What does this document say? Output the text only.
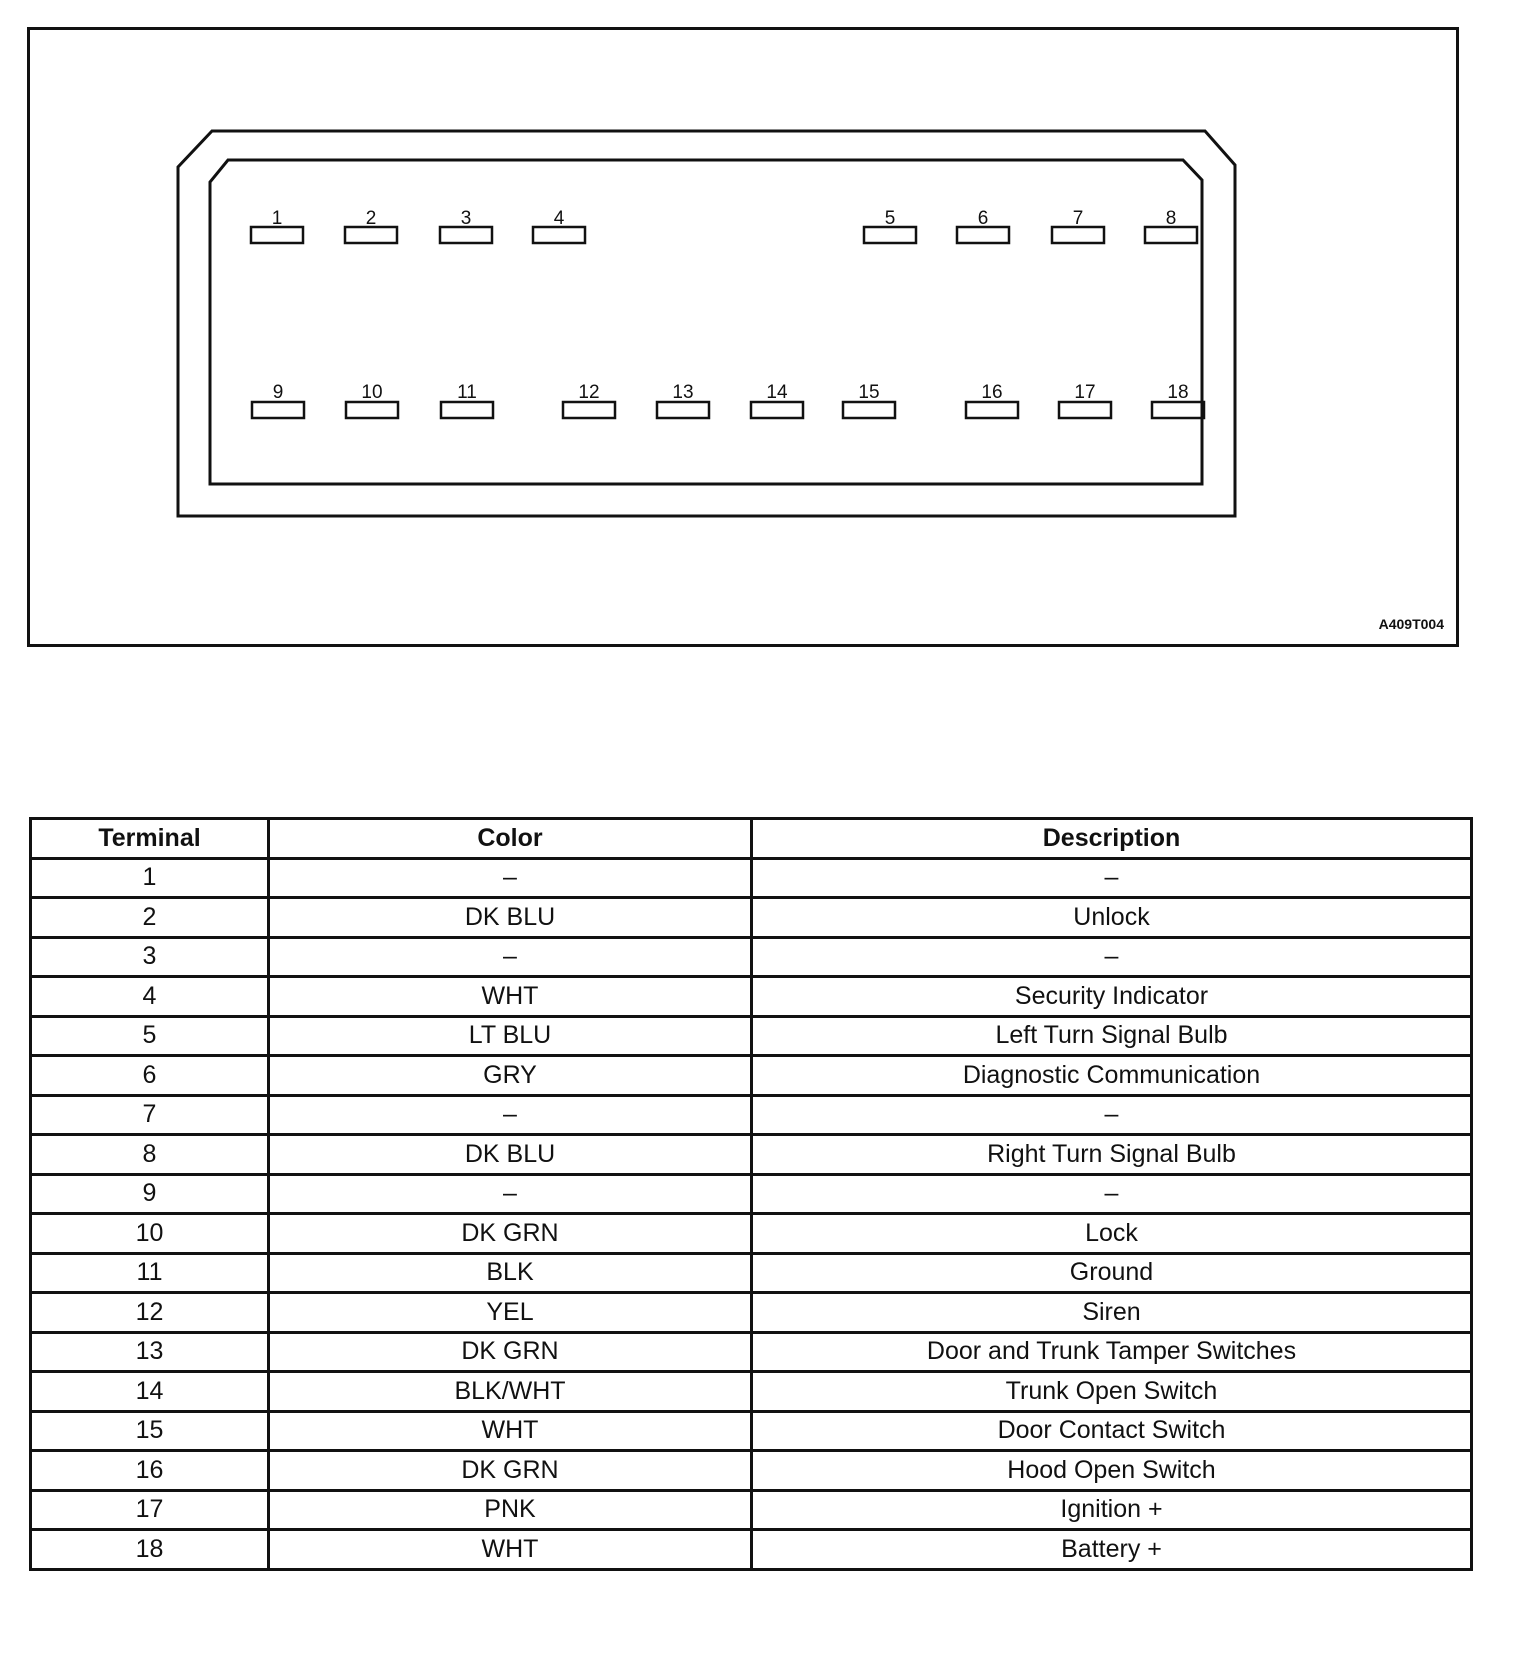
1	2	3	4	5	6	7	8
9	10	11	12	13	14	15	16	17	18
A409T004
Terminal	Color	Description
1	–	–
2	DK BLU	Unlock
3	–	–
4	WHT	Security Indicator
5	LT BLU	Left Turn Signal Bulb
6	GRY	Diagnostic Communication
7	–	–
8	DK BLU	Right Turn Signal Bulb
9	–	–
10	DK GRN	Lock
11	BLK	Ground
12	YEL	Siren
13	DK GRN	Door and Trunk Tamper Switches
14	BLK/WHT	Trunk Open Switch
15	WHT	Door Contact Switch
16	DK GRN	Hood Open Switch
17	PNK	Ignition +
18	WHT	Battery +
